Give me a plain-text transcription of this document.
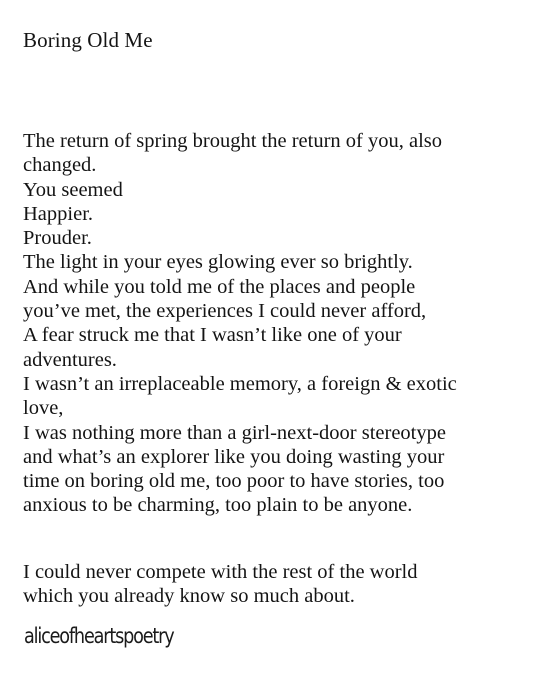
Boring Old Me
The return of spring brought the return of you, also
changed.
You seemed
Happier.
Prouder.
The light in your eyes glowing ever so brightly.
And while you told me of the places and people
you’ve met, the experiences I could never afford,
A fear struck me that I wasn’t like one of your
adventures.
I wasn’t an irreplaceable memory, a foreign & exotic
love,
I was nothing more than a girl-next-door stereotype
and what’s an explorer like you doing wasting your
time on boring old me, too poor to have stories, too
anxious to be charming, too plain to be anyone.
I could never compete with the rest of the world
which you already know so much about.

aliceofheartspoetry
